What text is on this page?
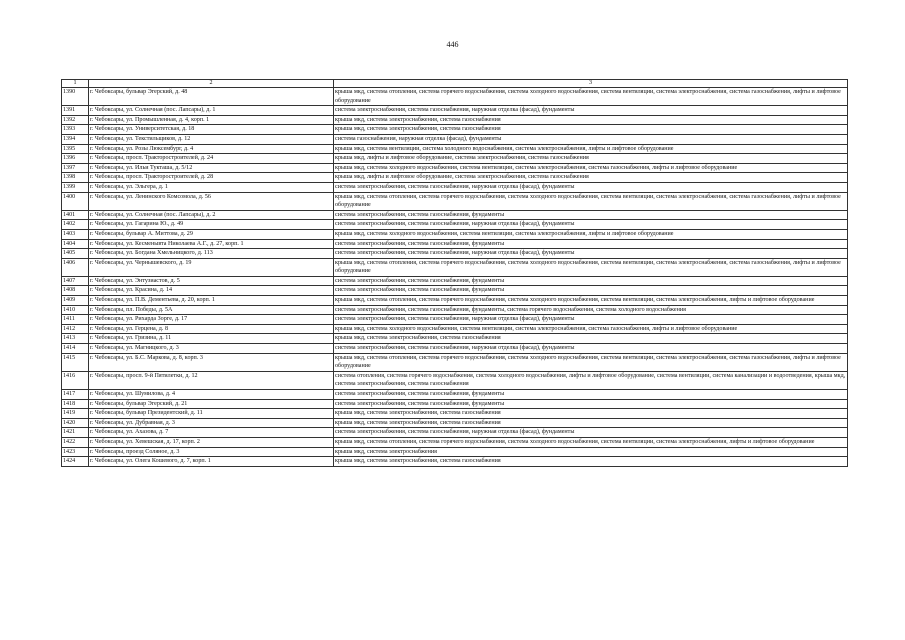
446
1	2	3
1390	г. Чебоксары, бульвар Эгерский, д. 48	крыша мкд, система отопления, система горячего водоснабжения, система холодного водоснабжения, система вентиляции, система электроснабжения, система газоснабжения, лифты и лифтовое оборудование
1391	г. Чебоксары, ул. Солнечная (пос. Лапсары), д. 1	система электроснабжения, система газоснабжения, наружная отделка (фасад), фундаменты
1392	г. Чебоксары, ул. Промышленная, д. 4, корп. 1	крыша мкд, система электроснабжения, система газоснабжения
1393	г. Чебоксары, ул. Университетская, д. 18	крыша мкд, система электроснабжения, система газоснабжения
1394	г. Чебоксары, ул. Текстильщиков, д. 12	система газоснабжения, наружная отделка (фасад), фундаменты
1395	г. Чебоксары, ул. Розы Люксембург, д. 4	крыша мкд, система вентиляции, система холодного водоснабжения, система электроснабжения, лифты и лифтовое оборудование
1396	г. Чебоксары, просп. Тракторостроителей, д. 24	крыша мкд, лифты и лифтовое оборудование, система электроснабжения, система газоснабжения
1397	г. Чебоксары, ул. Ильи Тукташа, д. 5/12	крыша мкд, система холодного водоснабжения, система вентиляции, система электроснабжения, система газоснабжения, лифты и лифтовое оборудование
1398	г. Чебоксары, просп. Тракторостроителей, д. 28	крыша мкд, лифты и лифтовое оборудование, система электроснабжения, система газоснабжения
1399	г. Чебоксары, ул. Эльгера, д. 1	система электроснабжения, система газоснабжения, наружная отделка (фасад), фундаменты
1400	г. Чебоксары, ул. Ленинского Комсомола, д. 56	крыша мкд, система отопления, система горячего водоснабжения, система холодного водоснабжения, система вентиляции, система электроснабжения, система газоснабжения, лифты и лифтовое оборудование
1401	г. Чебоксары, ул. Солнечная (пос. Лапсары), д. 2	система электроснабжения, система газоснабжения, фундаменты
1402	г. Чебоксары, ул. Гагарина Ю., д. 49	система электроснабжения, система газоснабжения, наружная отделка (фасад), фундаменты
1403	г. Чебоксары, бульвар А. Миттова, д. 29	крыша мкд, система холодного водоснабжения, система вентиляции, система электроснабжения, лифты и лифтовое оборудование
1404	г. Чебоксары, ул. Кесменывта Николаева А.Г., д. 27, корп. 1	система электроснабжения, система газоснабжения, фундаменты
1405	г. Чебоксары, ул. Богдана Хмельницкого, д. 113	система электроснабжения, система газоснабжения, наружная отделка (фасад), фундаменты
1406	г. Чебоксары, ул. Чернышевского, д. 19	крыша мкд, система отопления, система горячего водоснабжения, система холодного водоснабжения, система вентиляции, система электроснабжения, система газоснабжения, лифты и лифтовое оборудование
1407	г. Чебоксары, ул. Энтузиастов, д. 5	система электроснабжения, система газоснабжения, фундаменты
1408	г. Чебоксары, ул. Красина, д. 14	система электроснабжения, система газоснабжения, фундаменты
1409	г. Чебоксары, ул. П.В. Дементьева, д. 20, корп. 1	крыша мкд, система отопления, система горячего водоснабжения, система холодного водоснабжения, система вентиляции, система электроснабжения, лифты и лифтовое оборудование
1410	г. Чебоксары, пл. Победы, д. 5А	система электроснабжения, система газоснабжения, фундаменты, система горячего водоснабжения, система холодного водоснабжения
1411	г. Чебоксары, ул. Рихарда Зорге, д. 17	система электроснабжения, система газоснабжения, наружная отделка (фасад), фундаменты
1412	г. Чебоксары, ул. Герцена, д. 8	крыша мкд, система холодного водоснабжения, система вентиляции, система электроснабжения, система газоснабжения, лифты и лифтовое оборудование
1413	г. Чебоксары, ул. Гризина, д. 11	крыша мкд, система электроснабжения, система газоснабжения
1414	г. Чебоксары, ул. Магницкого, д. 3	система электроснабжения, система газоснабжения, наружная отделка (фасад), фундаменты
1415	г. Чебоксары, ул. Б.С. Маркова, д. 8, корп. 3	крыша мкд, система отопления, система горячего водоснабжения, система холодного водоснабжения, система вентиляции, система электроснабжения, система газоснабжения, лифты и лифтовое оборудование
1416	г. Чебоксары, просп. 9-й Пятилетки, д. 12	система отопления, система горячего водоснабжения, система холодного водоснабжения, лифты и лифтовое оборудование, система вентиляции, система канализации и водоотведения, крыша мкд, система электроснабжения, система газоснабжения
1417	г. Чебоксары, ул. Шумилова, д. 4	система электроснабжения, система газоснабжения, фундаменты
1418	г. Чебоксары, бульвар Эгерский, д. 21	система электроснабжения, система газоснабжения, фундаменты
1419	г. Чебоксары, бульвар Президентский, д. 11	крыша мкд, система электроснабжения, система газоснабжения
1420	г. Чебоксары, ул. Дубравная, д. 3	крыша мкд, система электроснабжения, система газоснабжения
1421	г. Чебоксары, ул. Ахазова, д. 7	система электроснабжения, система газоснабжения, наружная отделка (фасад), фундаменты
1422	г. Чебоксары, ул. Хевешская, д. 17, корп. 2	крыша мкд, система отопления, система горячего водоснабжения, система холодного водоснабжения, система вентиляции, система электроснабжения, лифты и лифтовое оборудование
1423	г. Чебоксары, проезд Соляное, д. 3	крыша мкд, система электроснабжения
1424	г. Чебоксары, ул. Олега Кошевого, д. 7, корп. 1	крыша мкд, система электроснабжения, система газоснабжения
